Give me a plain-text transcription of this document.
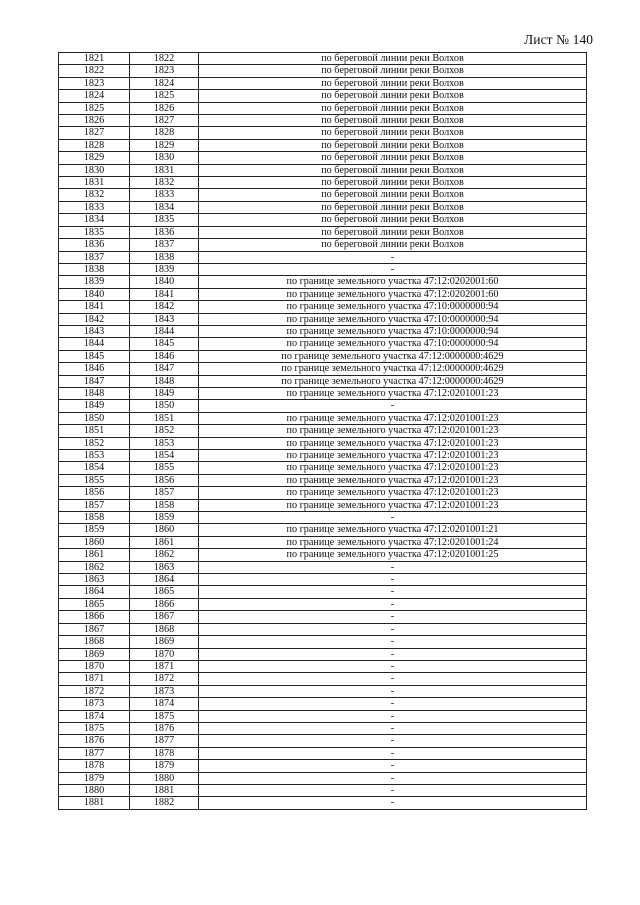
Лист № 140
1821	1822	по береговой линии реки Волхов
1822	1823	по береговой линии реки Волхов
1823	1824	по береговой линии реки Волхов
1824	1825	по береговой линии реки Волхов
1825	1826	по береговой линии реки Волхов
1826	1827	по береговой линии реки Волхов
1827	1828	по береговой линии реки Волхов
1828	1829	по береговой линии реки Волхов
1829	1830	по береговой линии реки Волхов
1830	1831	по береговой линии реки Волхов
1831	1832	по береговой линии реки Волхов
1832	1833	по береговой линии реки Волхов
1833	1834	по береговой линии реки Волхов
1834	1835	по береговой линии реки Волхов
1835	1836	по береговой линии реки Волхов
1836	1837	по береговой линии реки Волхов
1837	1838	-
1838	1839	-
1839	1840	по границе земельного участка 47:12:0202001:60
1840	1841	по границе земельного участка 47:12:0202001:60
1841	1842	по границе земельного участка 47:10:0000000:94
1842	1843	по границе земельного участка 47:10:0000000:94
1843	1844	по границе земельного участка 47:10:0000000:94
1844	1845	по границе земельного участка 47:10:0000000:94
1845	1846	по границе земельного участка 47:12:0000000:4629
1846	1847	по границе земельного участка 47:12:0000000:4629
1847	1848	по границе земельного участка 47:12:0000000:4629
1848	1849	по границе земельного участка 47:12:0201001:23
1849	1850	-
1850	1851	по границе земельного участка 47:12:0201001:23
1851	1852	по границе земельного участка 47:12:0201001:23
1852	1853	по границе земельного участка 47:12:0201001:23
1853	1854	по границе земельного участка 47:12:0201001:23
1854	1855	по границе земельного участка 47:12:0201001:23
1855	1856	по границе земельного участка 47:12:0201001:23
1856	1857	по границе земельного участка 47:12:0201001:23
1857	1858	по границе земельного участка 47:12:0201001:23
1858	1859	-
1859	1860	по границе земельного участка 47:12:0201001:21
1860	1861	по границе земельного участка 47:12:0201001:24
1861	1862	по границе земельного участка 47:12:0201001:25
1862	1863	-
1863	1864	-
1864	1865	-
1865	1866	-
1866	1867	-
1867	1868	-
1868	1869	-
1869	1870	-
1870	1871	-
1871	1872	-
1872	1873	-
1873	1874	-
1874	1875	-
1875	1876	-
1876	1877	-
1877	1878	-
1878	1879	-
1879	1880	-
1880	1881	-
1881	1882	-
